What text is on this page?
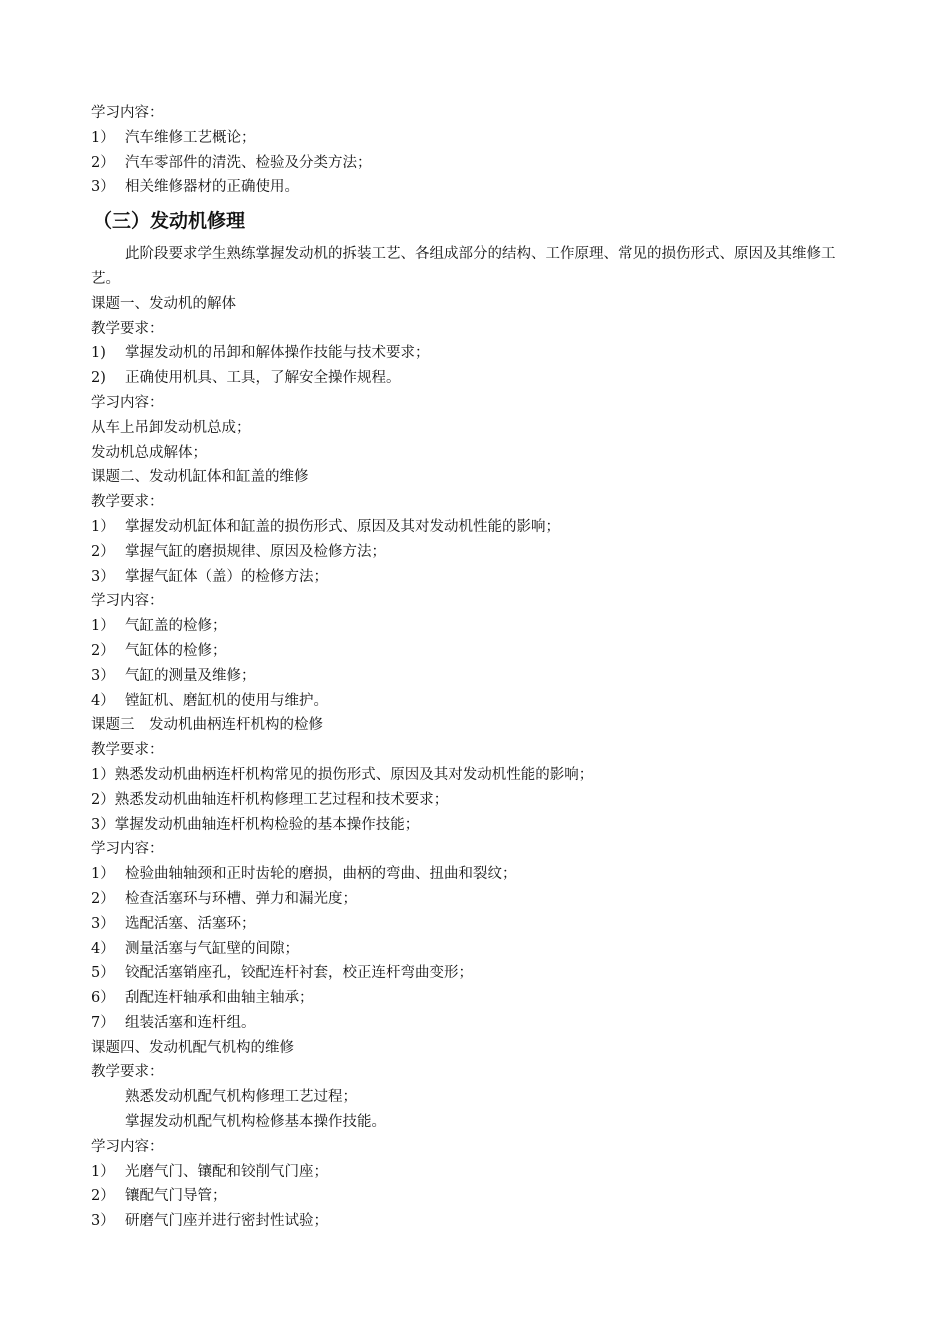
学习内容：
1） 汽车维修工艺概论；
2） 汽车零部件的清洗、检验及分类方法；
3） 相关维修器材的正确使用。
（三）发动机修理
此阶段要求学生熟练掌握发动机的拆装工艺、各组成部分的结构、工作原理、常见的损伤形式、原因及其维修工艺。
课题一、发动机的解体
教学要求：
1) 掌握发动机的吊卸和解体操作技能与技术要求；
2) 正确使用机具、工具，了解安全操作规程。
学习内容：
从车上吊卸发动机总成；
发动机总成解体；
课题二、发动机缸体和缸盖的维修
教学要求：
1） 掌握发动机缸体和缸盖的损伤形式、原因及其对发动机性能的影响；
2） 掌握气缸的磨损规律、原因及检修方法；
3） 掌握气缸体（盖）的检修方法；
学习内容：
1） 气缸盖的检修；
2） 气缸体的检修；
3） 气缸的测量及维修；
4） 镗缸机、磨缸机的使用与维护。
课题三　发动机曲柄连杆机构的检修
教学要求：
1）熟悉发动机曲柄连杆机构常见的损伤形式、原因及其对发动机性能的影响；
2）熟悉发动机曲轴连杆机构修理工艺过程和技术要求；
3）掌握发动机曲轴连杆机构检验的基本操作技能；
学习内容：
1） 检验曲轴轴颈和正时齿轮的磨损，曲柄的弯曲、扭曲和裂纹；
2） 检查活塞环与环槽、弹力和漏光度；
3） 选配活塞、活塞环；
4） 测量活塞与气缸壁的间隙；
5） 铰配活塞销座孔，铰配连杆衬套，校正连杆弯曲变形；
6） 刮配连杆轴承和曲轴主轴承；
7） 组装活塞和连杆组。
课题四、发动机配气机构的维修
教学要求：
熟悉发动机配气机构修理工艺过程；
掌握发动机配气机构检修基本操作技能。
学习内容：
1） 光磨气门、镶配和铰削气门座；
2） 镶配气门导管；
3） 研磨气门座并进行密封性试验；
